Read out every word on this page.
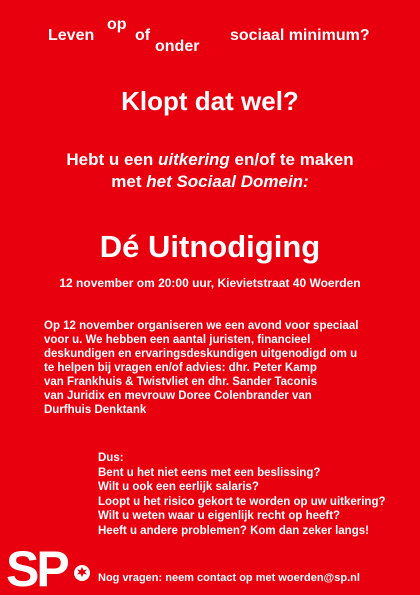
Leven
op
of
onder
sociaal minimum?
Klopt dat wel?
Hebt u een uitkering en/of te maken
met het Sociaal Domein:
Dé Uitnodiging
12 november om 20:00 uur, Kievietstraat 40 Woerden
Op 12 november organiseren we een avond voor speciaal
voor u. We hebben een aantal juristen, financieel
deskundigen en ervaringsdeskundigen uitgenodigd om u
te helpen bij vragen en/of advies: dhr. Peter Kamp
van Frankhuis & Twistvliet en dhr. Sander Taconis
van Juridix en mevrouw Doree Colenbrander van
Durfhuis Denktank
Dus:
Bent u het niet eens met een beslissing?
Wilt u ook een eerlijk salaris?
Loopt u het risico gekort te worden op uw uitkering?
Wilt u weten waar u eigenlijk recht op heeft?
Heeft u andere problemen? Kom dan zeker langs!
SP	Nog vragen: neem contact op met woerden@sp.nl
